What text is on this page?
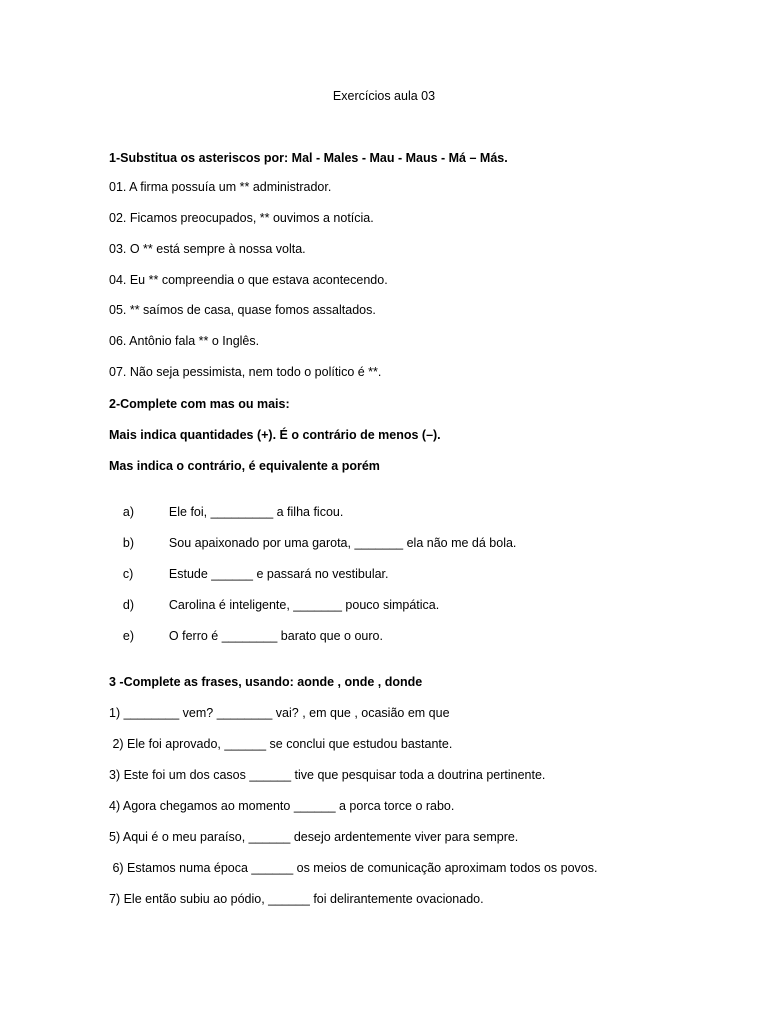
Exercícios aula 03
1-Substitua os asteriscos por: Mal - Males - Mau - Maus - Má – Más.
01. A firma possuía um ** administrador.
02. Ficamos preocupados, ** ouvimos a notícia.
03. O ** está sempre à nossa volta.
04. Eu ** compreendia o que estava acontecendo.
05. ** saímos de casa, quase fomos assaltados.
06. Antônio fala ** o Inglês.
07. Não seja pessimista, nem todo o político é **.
2-Complete com mas ou mais:
Mais indica quantidades (+). É o contrário de menos (–).
Mas indica o contrário, é equivalente a porém

a)	Ele foi, _________ a filha ficou.

b)	Sou apaixonado por uma garota, _______ ela não me dá bola.

c)	Estude ______ e passará no vestibular.

d)	Carolina é inteligente, _______ pouco simpática.

e)	O ferro é ________ barato que o ouro.

3 -Complete as frases, usando: aonde , onde , donde
1) ________ vem? ________ vai? , em que , ocasião em que
2) Ele foi aprovado, ______ se conclui que estudou bastante.
3) Este foi um dos casos ______ tive que pesquisar toda a doutrina pertinente.
4) Agora chegamos ao momento ______ a porca torce o rabo.
5) Aqui é o meu paraíso, ______ desejo ardentemente viver para sempre.
6) Estamos numa época ______ os meios de comunicação aproximam todos os povos.
7) Ele então subiu ao pódio, ______ foi delirantemente ovacionado.
